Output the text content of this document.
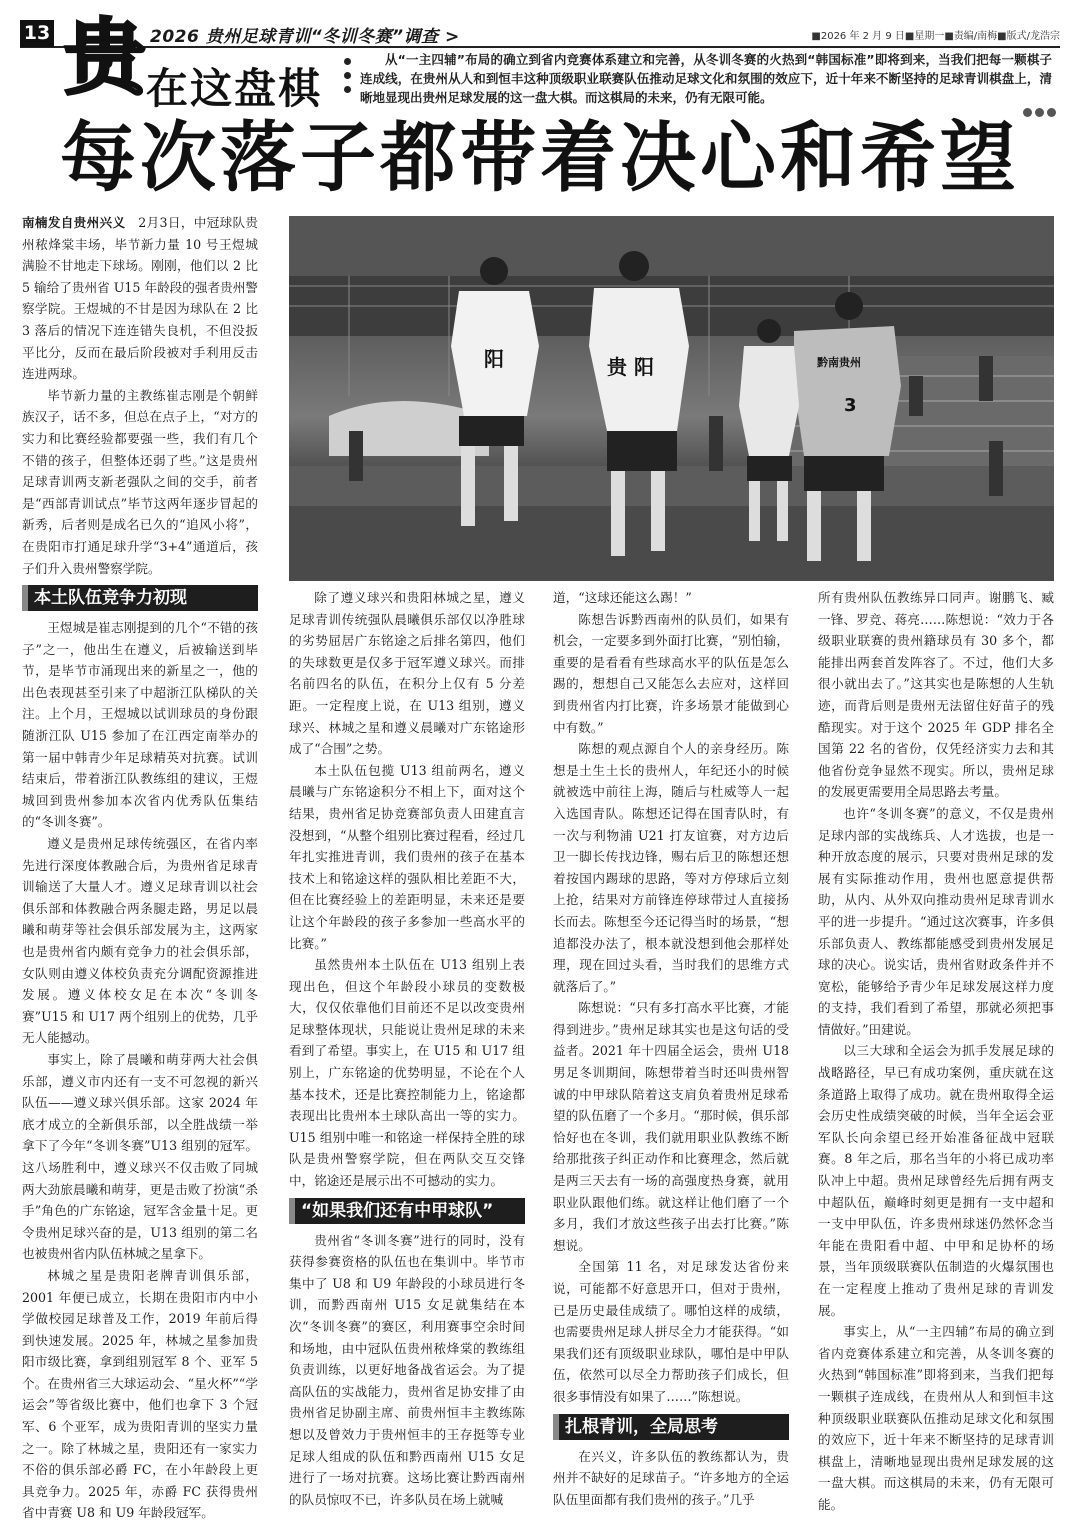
13	2026 贵州足球青训“冬训冬赛”调查 >	■2026 年 2 月 9 日■星期一■责编/南梅■版式/龙浩宗
贵 在这盘棋
从“一主四辅”布局的确立到省内竞赛体系建立和完善，从冬训冬赛的火热到“韩国标准”即将到来，当我们把每一颗棋子连成线，在贵州从人和到恒丰这种顶级职业联赛队伍推动足球文化和氛围的效应下，近十年来不断坚持的足球青训棋盘上，清晰地显现出贵州足球发展的这一盘大棋。而这棋局的未来，仍有无限可能。
每次落子都带着决心和希望
阳	贵 阳	黔南贵州
3

南楠发自贵州兴义　 2月3日，中冠球队贵州秾烽棠丰场，毕节新力量 10 号王煜城满脸不甘地走下球场。刚刚，他们以 2 比 5 输给了贵州省 U15 年龄段的强者贵州警察学院。王煜城的不甘是因为球队在 2 比 3 落后的情况下连连错失良机，不但没扳平比分，反而在最后阶段被对手利用反击连进两球。

毕节新力量的主教练崔志刚是个朝鲜族汉子，话不多，但总在点子上，“对方的实力和比赛经验都要强一些，我们有几个不错的孩子，但整体还弱了些。”这是贵州足球青训两支新老强队之间的交手，前者是“西部青训试点”毕节这两年逐步冒起的新秀，后者则是成名已久的“追风小将”，在贵阳市打通足球升学“3+4”通道后，孩子们升入贵州警察学院。

本土队伍竞争力初现

王煜城是崔志刚提到的几个“不错的孩子”之一，他出生在遵义，后被输送到毕节，是毕节市涌现出来的新星之一，他的出色表现甚至引来了中超浙江队梯队的关注。上个月，王煜城以试训球员的身份跟随浙江队 U15 参加了在江西定南举办的第一届中韩青少年足球精英对抗赛。试训结束后，带着浙江队教练组的建议，王煜城回到贵州参加本次省内优秀队伍集结的“冬训冬赛”。

遵义是贵州足球传统强区，在省内率先进行深度体教融合后，为贵州省足球青训输送了大量人才。遵义足球青训以社会俱乐部和体教融合两条腿走路，男足以晨曦和萌芽等社会俱乐部发展为主，这两家也是贵州省内颇有竞争力的社会俱乐部，女队则由遵义体校负责充分调配资源推进发展。遵义体校女足在本次“冬训冬赛”U15 和 U17 两个组别上的优势，几乎无人能撼动。

事实上，除了晨曦和萌芽两大社会俱乐部，遵义市内还有一支不可忽视的新兴队伍——遵义球兴俱乐部。这家 2024 年底才成立的全新俱乐部，以全胜战绩一举拿下了今年“冬训冬赛”U13 组别的冠军。这八场胜利中，遵义球兴不仅击败了同城两大劲旅晨曦和萌芽，更是击败了扮演“杀手”角色的广东铭途，冠军含金量十足。更令贵州足球兴奋的是，U13 组别的第二名也被贵州省内队伍林城之星拿下。

林城之星是贵阳老牌青训俱乐部，2001 年便已成立，长期在贵阳市内中小学做校园足球普及工作，2019 年前后得到快速发展。2025 年，林城之星参加贵阳市级比赛，拿到组别冠军 8 个、亚军 5 个。在贵州省三大球运动会、“星火杯”“学运会”等省级比赛中，他们也拿下 3 个冠军、6 个亚军，成为贵阳青训的坚实力量之一。除了林城之星，贵阳还有一家实力不俗的俱乐部必爵 FC，在小年龄段上更具竞争力。2025 年，赤爵 FC 获得贵州省中青赛 U8 和 U9 年龄段冠军。

除了遵义球兴和贵阳林城之星，遵义足球青训传统强队晨曦俱乐部仅以净胜球的劣势屈居广东铭途之后排名第四，他们的失球数更是仅多于冠军遵义球兴。而排名前四名的队伍，在积分上仅有 5 分差距。一定程度上说，在 U13 组别，遵义球兴、林城之星和遵义晨曦对广东铭途形成了“合围”之势。

本土队伍包揽 U13 组前两名，遵义晨曦与广东铭途积分不相上下，面对这个结果，贵州省足协竞赛部负责人田建直言没想到，“从整个组别比赛过程看，经过几年扎实推进青训，我们贵州的孩子在基本技术上和铭途这样的强队相比差距不大，但在比赛经验上的差距明显，未来还是要让这个年龄段的孩子多参加一些高水平的比赛。”

虽然贵州本土队伍在 U13 组别上表现出色，但这个年龄段小球员的变数极大，仅仅依靠他们目前还不足以改变贵州足球整体现状，只能说让贵州足球的未来看到了希望。事实上，在 U15 和 U17 组别上，广东铭途的优势明显，不论在个人基本技术，还是比赛控制能力上，铭途都表现出比贵州本土球队高出一等的实力。U15 组别中唯一和铭途一样保持全胜的球队是贵州警察学院，但在两队交互交锋中，铭途还是展示出不可撼动的实力。

“如果我们还有中甲球队”

贵州省“冬训冬赛”进行的同时，没有获得参赛资格的队伍也在集训中。毕节市集中了 U8 和 U9 年龄段的小球员进行冬训，而黔西南州 U15 女足就集结在本次“冬训冬赛”的赛区，利用赛事空余时间和场地，由中冠队伍贵州秾烽棠的教练组负责训练，以更好地备战省运会。为了提高队伍的实战能力，贵州省足协安排了由贵州省足协副主席、前贵州恒丰主教练陈想以及曾效力于贵州恒丰的王存挺等专业足球人组成的队伍和黔西南州 U15 女足进行了一场对抗赛。这场比赛让黔西南州的队员惊叹不已，许多队员在场上就喊

道，“这球还能这么踢！”

陈想告诉黔西南州的队员们，如果有机会，一定要多到外面打比赛，“别怕输，重要的是看看有些球高水平的队伍是怎么踢的，想想自己又能怎么去应对，这样回到贵州省内打比赛，许多场景才能做到心中有数。”

陈想的观点源自个人的亲身经历。陈想是土生土长的贵州人，年纪还小的时候就被选中前往上海，随后与杜威等人一起入选国青队。陈想还记得在国青队时，有一次与利物浦 U21 打友谊赛，对方边后卫一脚长传找边锋，赐右后卫的陈想还想着按国内踢球的思路，等对方停球后立刻上抢，结果对方前锋连停球带过人直接扬长而去。陈想至今还记得当时的场景，“想追都没办法了，根本就没想到他会那样处理，现在回过头看，当时我们的思维方式就落后了。”

陈想说：“只有多打高水平比赛，才能得到进步。”贵州足球其实也是这句话的受益者。2021 年十四届全运会，贵州 U18 男足冬训期间，陈想带着当时还叫贵州智诚的中甲球队陪着这支肩负着贵州足球希望的队伍磨了一个多月。“那时候，俱乐部恰好也在冬训，我们就用职业队教练不断给那批孩子纠正动作和比赛理念，然后就是两三天去有一场的高强度热身赛，就用职业队跟他们练。就这样让他们磨了一个多月，我们才放这些孩子出去打比赛。”陈想说。

全国第 11 名，对足球发达省份来说，可能都不好意思开口，但对于贵州，已是历史最佳成绩了。哪怕这样的成绩，也需要贵州足球人拼尽全力才能获得。“如果我们还有顶级职业球队，哪怕是中甲队伍，依然可以尽全力帮助孩子们成长，但很多事情没有如果了……”陈想说。

扎根青训，全局思考

在兴义，许多队伍的教练都认为，贵州并不缺好的足球苗子。“许多地方的全运队伍里面都有我们贵州的孩子。”几乎

所有贵州队伍教练异口同声。谢鹏飞、臧一锋、罗竞、蒋亮……陈想说：“效力于各级职业联赛的贵州籍球员有 30 多个，都能排出两套首发阵容了。不过，他们大多很小就出去了。”这其实也是陈想的人生轨迹，而背后则是贵州无法留住好苗子的残酷现实。对于这个 2025 年 GDP 排名全国第 22 名的省份，仅凭经济实力去和其他省份竞争显然不现实。所以，贵州足球的发展更需要用全局思路去考量。

也许“冬训冬赛”的意义，不仅是贵州足球内部的实战练兵、人才选拔，也是一种开放态度的展示，只要对贵州足球的发展有实际推动作用，贵州也愿意提供帮助，从内、从外双向推动贵州足球青训水平的进一步提升。“通过这次赛事，许多俱乐部负责人、教练都能感受到贵州发展足球的决心。说实话，贵州省财政条件并不宽松，能够给予青少年足球发展这样力度的支持，我们看到了希望，那就必须把事情做好。”田建说。

以三大球和全运会为抓手发展足球的战略路径，早已有成功案例，重庆就在这条道路上取得了成功。就在贵州取得全运会历史性成绩突破的时候，当年全运会亚军队长向余望已经开始准备征战中冠联赛。8 年之后，那名当年的小将已成功率队冲上中超。贵州足球曾经先后拥有两支中超队伍，巅峰时刻更是拥有一支中超和一支中甲队伍，许多贵州球迷仍然怀念当年能在贵阳看中超、中甲和足协杯的场景，当年顶级联赛队伍制造的火爆氛围也在一定程度上推动了贵州足球的青训发展。

事实上，从“一主四辅”布局的确立到省内竞赛体系建立和完善，从冬训冬赛的火热到“韩国标准”即将到来，当我们把每一颗棋子连成线，在贵州从人和到恒丰这种顶级职业联赛队伍推动足球文化和氛围的效应下，近十年来不断坚持的足球青训棋盘上，清晰地显现出贵州足球发展的这一盘大棋。而这棋局的未来，仍有无限可能。
